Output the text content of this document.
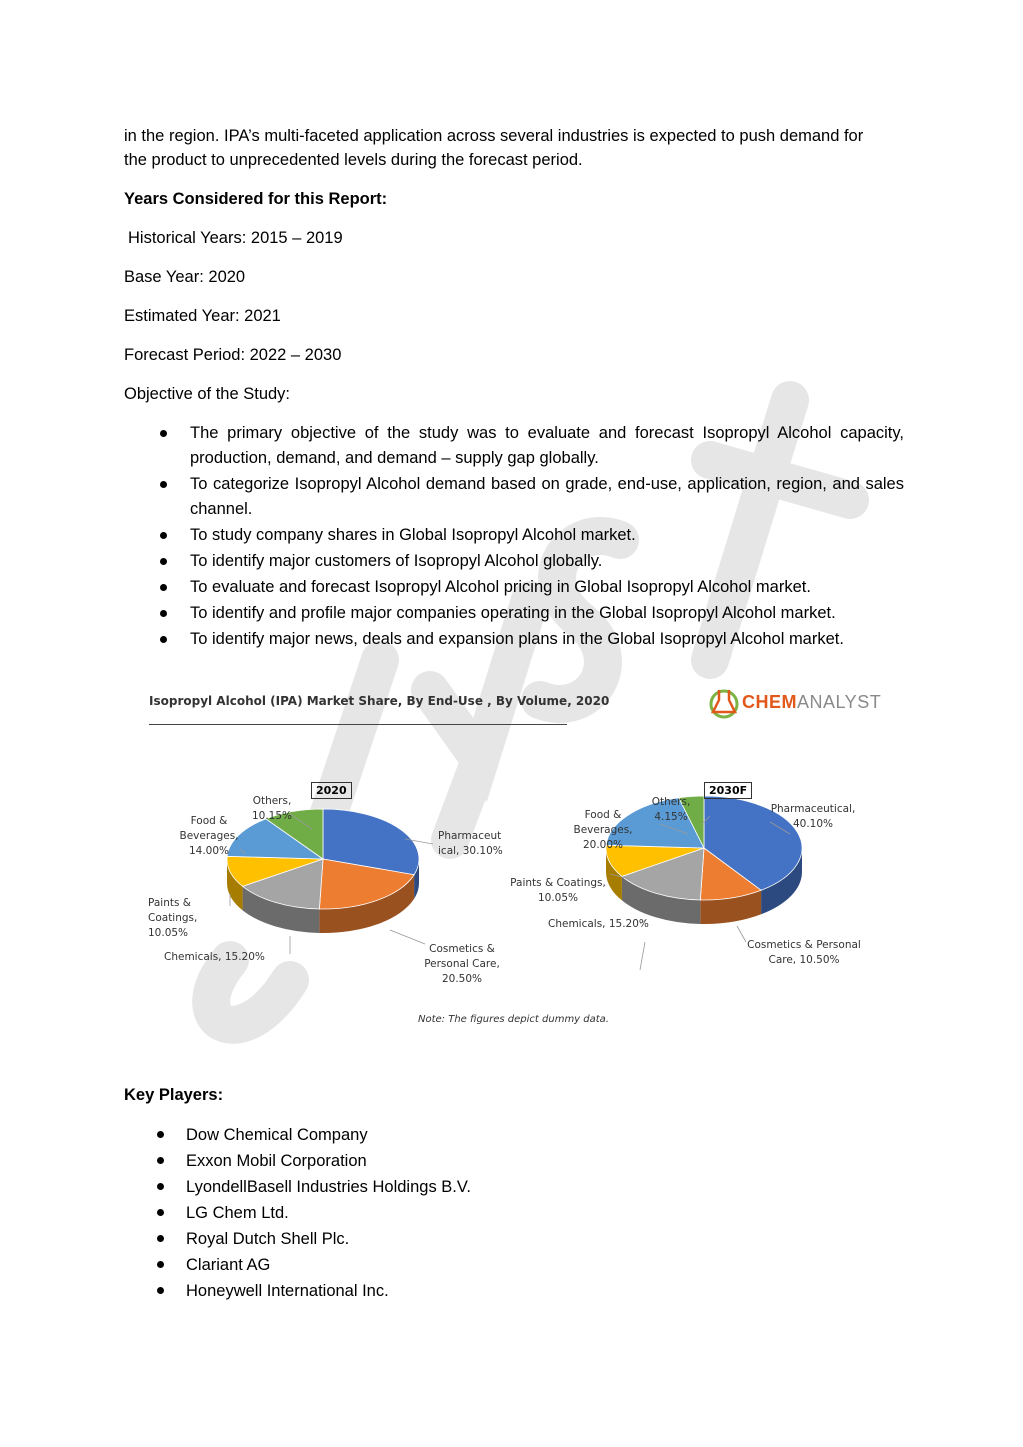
in the region. IPA’s multi-faceted application across several industries is expected to push demand for
the product to unprecedented levels during the forecast period.
Years Considered for this Report:
Historical Years: 2015 – 2019
Base Year: 2020
Estimated Year: 2021
Forecast Period: 2022 – 2030
Objective of the Study:
The primary objective of the study was to evaluate and forecast Isopropyl Alcohol capacity, production, demand, and demand – supply gap globally.
To categorize Isopropyl Alcohol demand based on grade, end-use, application, region, and sales channel.
To study company shares in Global Isopropyl Alcohol market.
To identify major customers of Isopropyl Alcohol globally.
To evaluate and forecast Isopropyl Alcohol pricing in Global Isopropyl Alcohol market.
To identify and profile major companies operating in the Global Isopropyl Alcohol market.
To identify major news, deals and expansion plans in the Global Isopropyl Alcohol market.
Isopropyl Alcohol (IPA) Market Share, By End-Use , By Volume, 2020	CHEM ANALYST
2020
Others,
10.15%
Food &
Beverages,
14.00%
Pharmaceut
ical, 30.10%
Paints &
Coatings,
10.05%
Chemicals, 15.20%
Cosmetics &
Personal Care,
20.50%
2030F
Food &
Beverages,
20.00%
Others,
4.15%
Pharmaceutical,
40.10%
Paints & Coatings,
10.05%
Chemicals, 15.20%
Cosmetics & Personal
Care, 10.50%
Note: The figures depict dummy data.
Key Players:
Dow Chemical Company
Exxon Mobil Corporation
LyondellBasell Industries Holdings B.V.
LG Chem Ltd.
Royal Dutch Shell Plc.
Clariant AG
Honeywell International Inc.
